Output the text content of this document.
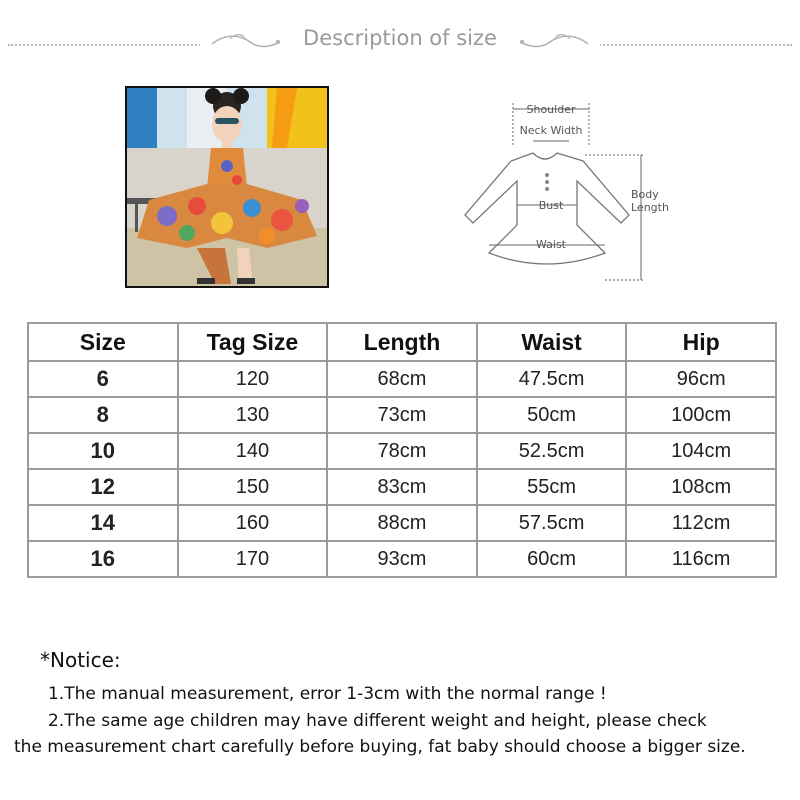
Description of size
Shoulder
Neck Width
Bust
Waist
Body
Length
Size	Tag Size	Length	Waist	Hip
6	120	68cm	47.5cm	96cm
8	130	73cm	50cm	100cm
10	140	78cm	52.5cm	104cm
12	150	83cm	55cm	108cm
14	160	88cm	57.5cm	112cm
16	170	93cm	60cm	116cm
*Notice:
1.The manual measurement, error 1-3cm with the normal range !
2.The same age children may have different weight and height, please check
the measurement chart carefully before buying, fat baby should choose a bigger size.
